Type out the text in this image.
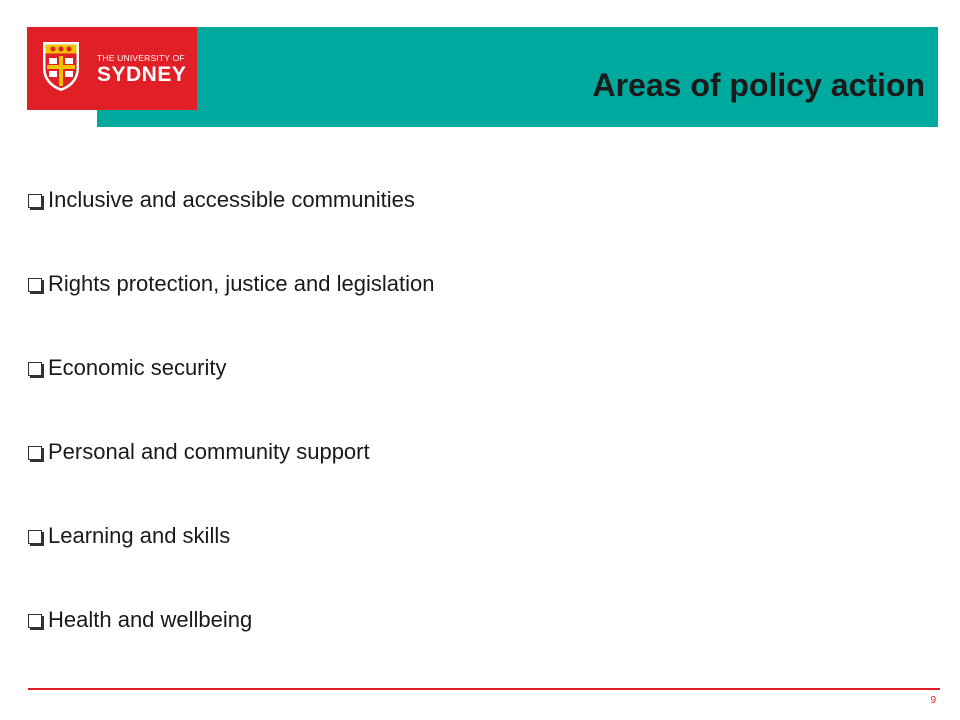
THE UNIVERSITY OF
SYDNEY	Areas of policy action
Inclusive and accessible communities
Rights protection, justice and legislation
Economic security
Personal and community support
Learning and skills
Health and wellbeing
9
